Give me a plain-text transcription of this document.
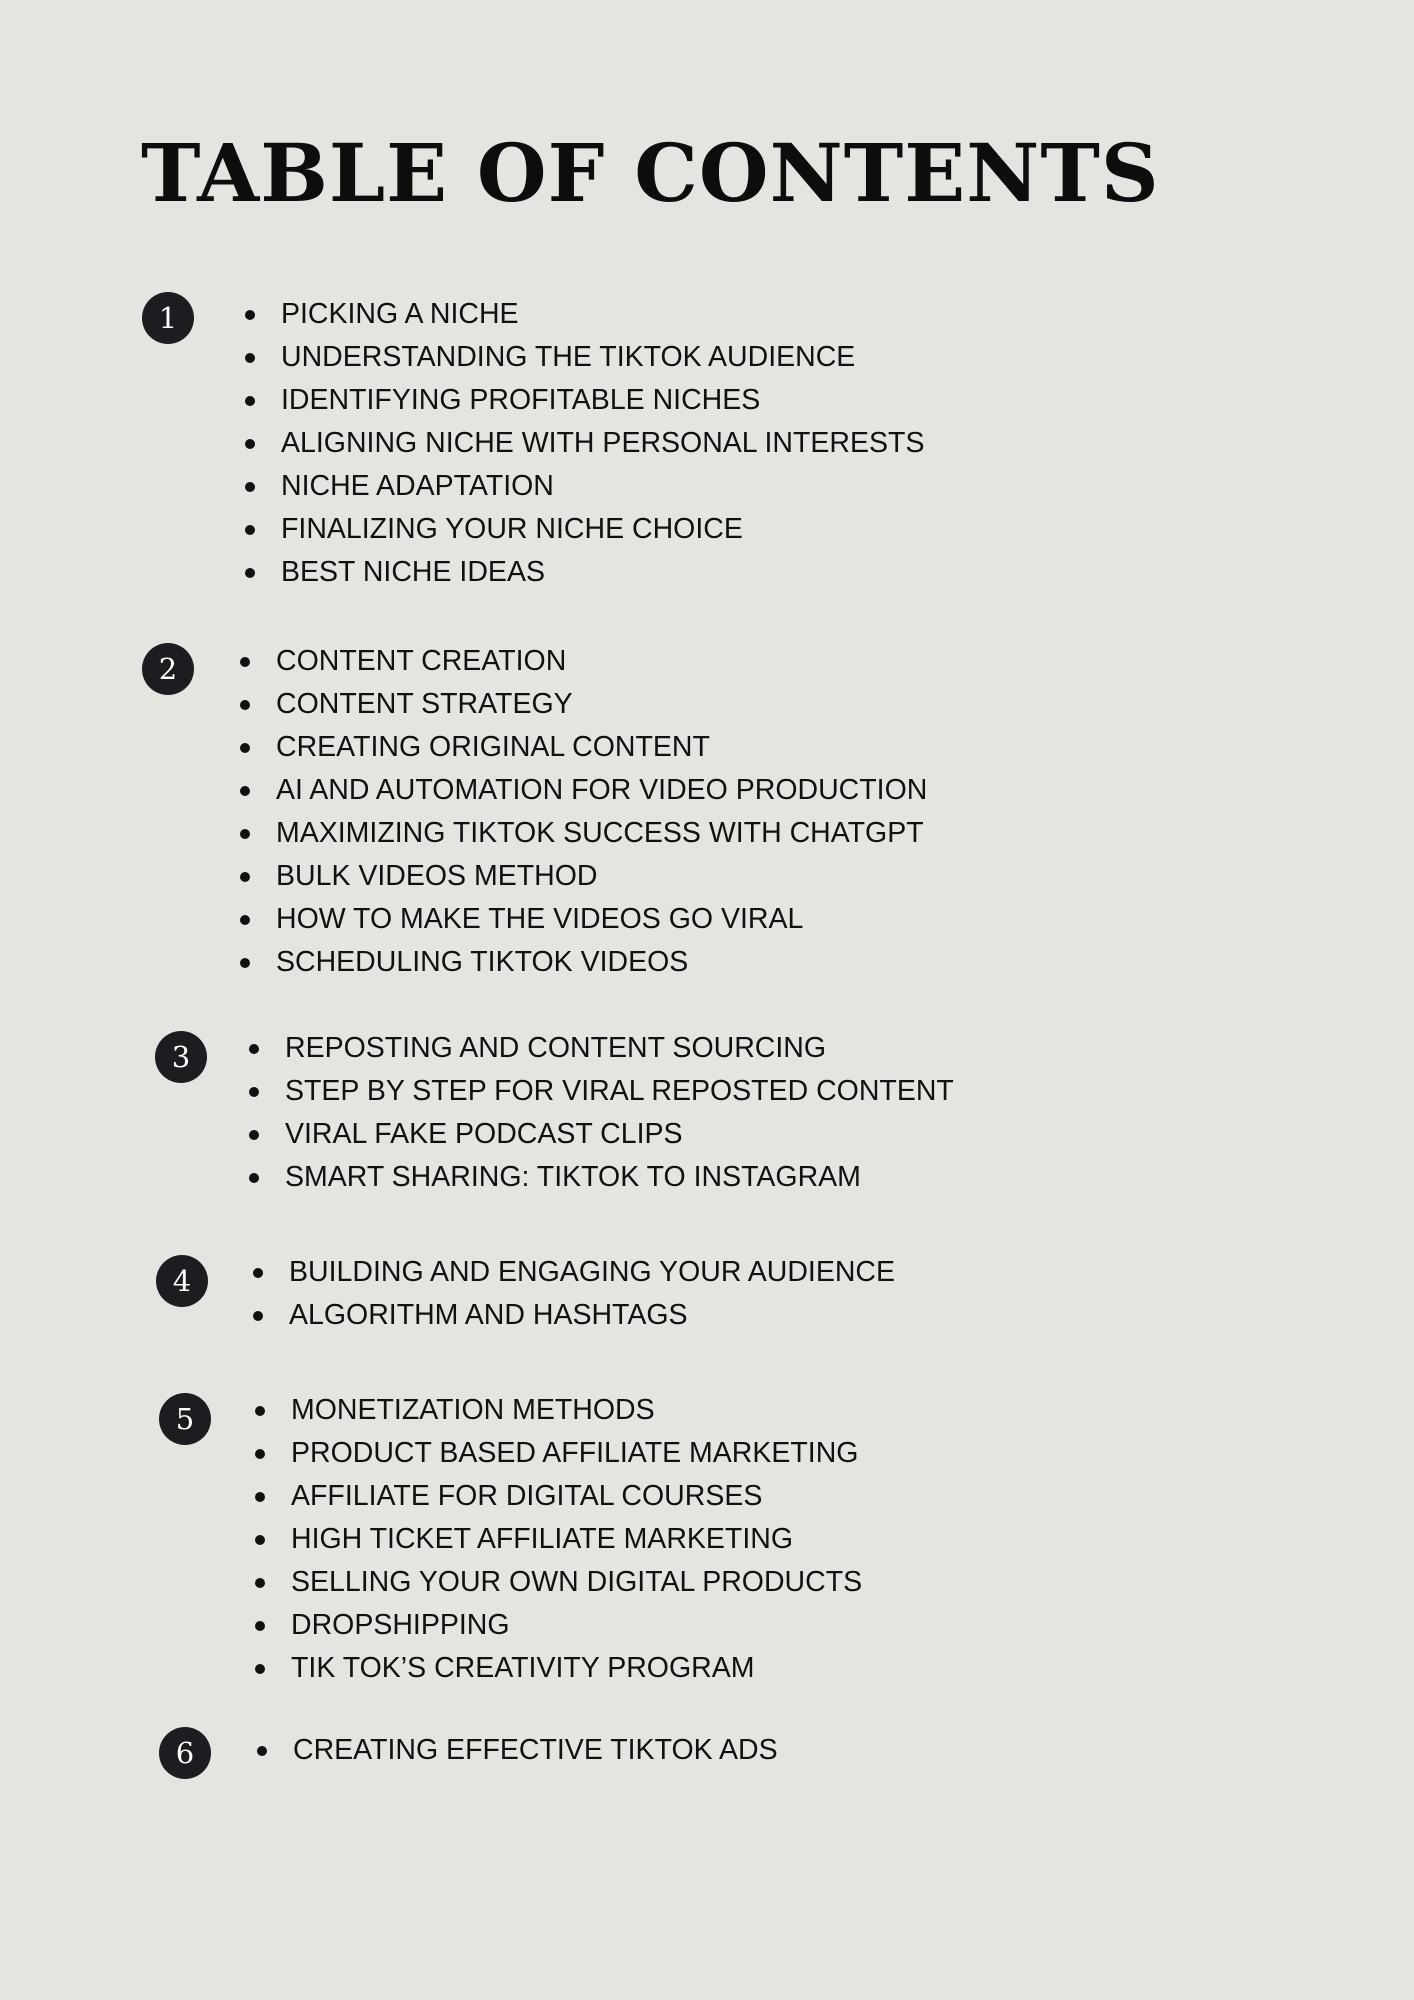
TABLE OF CONTENTS
1	PICKING A NICHE
UNDERSTANDING THE TIKTOK AUDIENCE
IDENTIFYING PROFITABLE NICHES
ALIGNING NICHE WITH PERSONAL INTERESTS
NICHE ADAPTATION
FINALIZING YOUR NICHE CHOICE
BEST NICHE IDEAS
2	CONTENT CREATION
CONTENT STRATEGY
CREATING ORIGINAL CONTENT
AI AND AUTOMATION FOR VIDEO PRODUCTION
MAXIMIZING TIKTOK SUCCESS WITH CHATGPT
BULK VIDEOS METHOD
HOW TO MAKE THE VIDEOS GO VIRAL
SCHEDULING TIKTOK VIDEOS
3	REPOSTING AND CONTENT SOURCING
STEP BY STEP FOR VIRAL REPOSTED CONTENT
VIRAL FAKE PODCAST CLIPS
SMART SHARING: TIKTOK TO INSTAGRAM
4	BUILDING AND ENGAGING YOUR AUDIENCE
ALGORITHM AND HASHTAGS
5	MONETIZATION METHODS
PRODUCT BASED AFFILIATE MARKETING
AFFILIATE FOR DIGITAL COURSES
HIGH TICKET AFFILIATE MARKETING
SELLING YOUR OWN DIGITAL PRODUCTS
DROPSHIPPING
TIK TOK’S CREATIVITY PROGRAM
6	CREATING EFFECTIVE TIKTOK ADS
